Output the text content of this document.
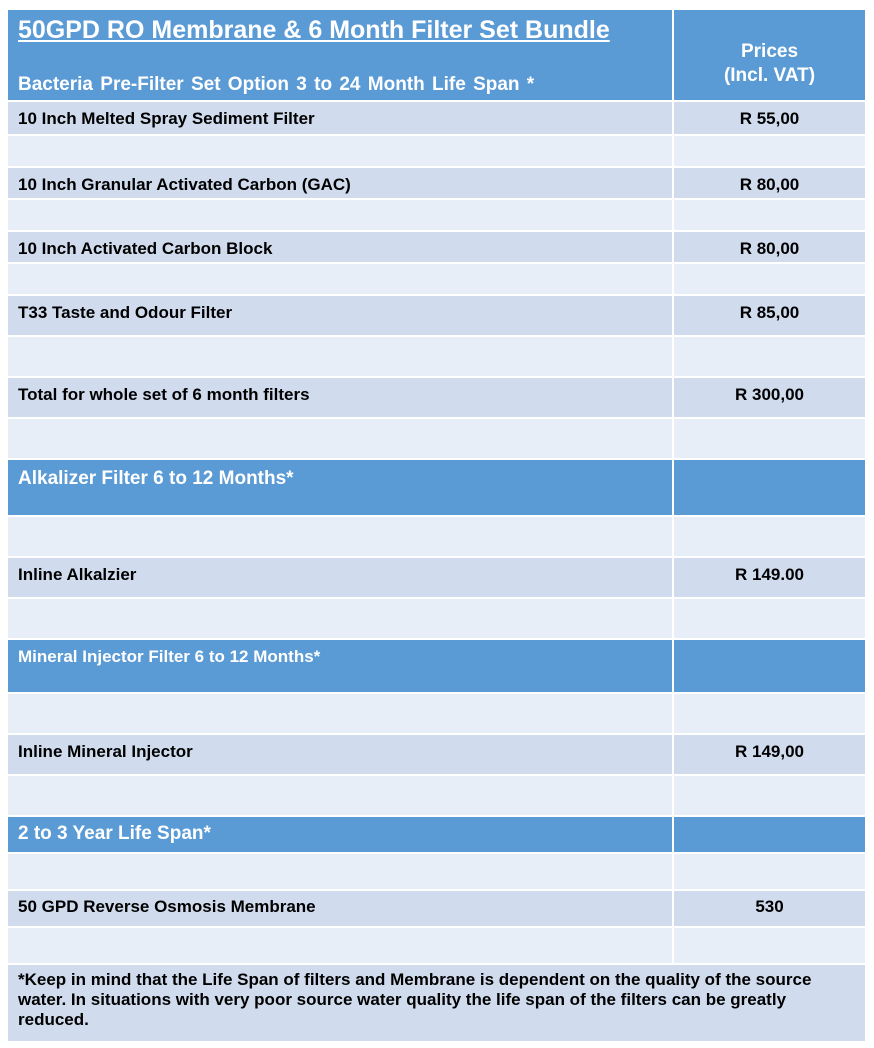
50GPD RO Membrane & 6 Month Filter Set Bundle
Bacteria Pre-Filter Set Option 3 to 24 Month Life Span *
Prices
(Incl. VAT)
10 Inch Melted Spray Sediment Filter	R 55,00
10 Inch Granular Activated Carbon (GAC)	R 80,00
10 Inch Activated Carbon Block	R 80,00
T33 Taste and Odour Filter	R 85,00
Total for whole set of 6 month filters	R 300,00
Alkalizer Filter 6 to 12 Months*
Inline Alkalzier	R 149.00
Mineral Injector Filter 6 to 12 Months*
Inline Mineral Injector	R 149,00
2 to 3 Year Life Span*
50 GPD Reverse Osmosis Membrane	530
*Keep in mind that the Life Span of filters and Membrane is dependent on the quality of the source water. In situations with very poor source water quality the life span of the filters can be greatly reduced.
